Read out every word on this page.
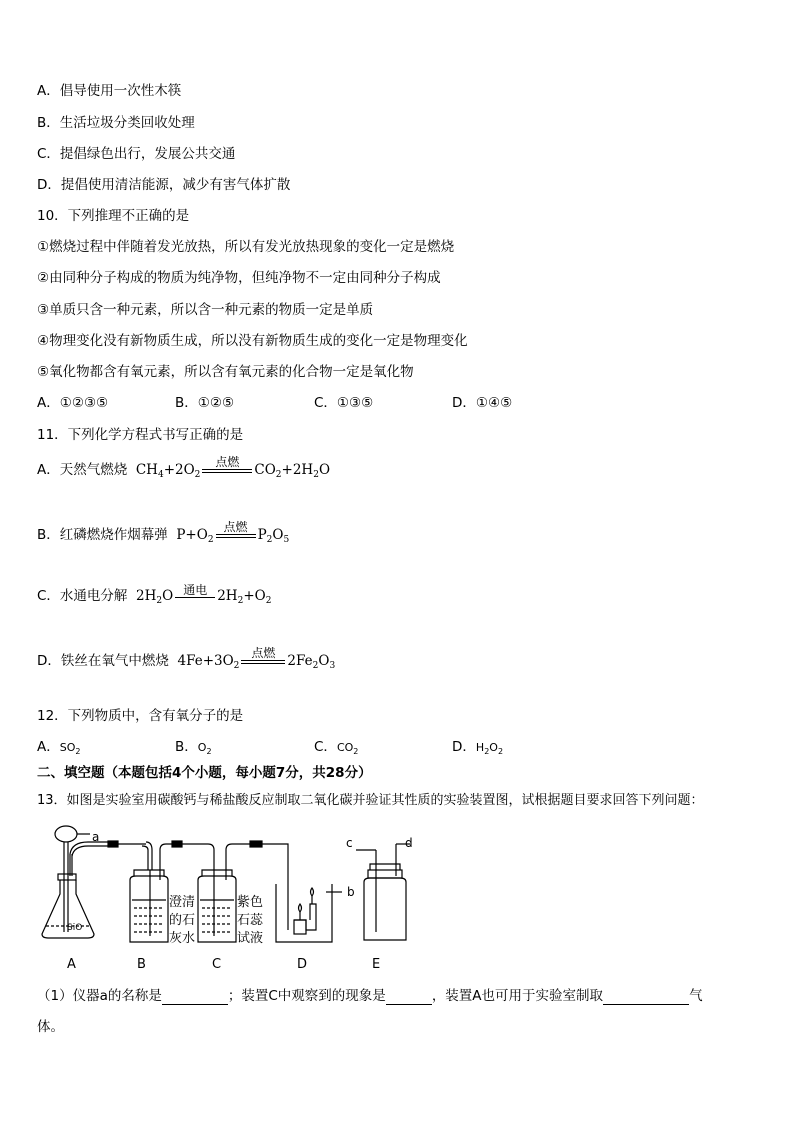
A．倡导使用一次性木筷
B．生活垃圾分类回收处理
C．提倡绿色出行，发展公共交通
D．提倡使用清洁能源，减少有害气体扩散
10．下列推理不正确的是
①燃烧过程中伴随着发光放热，所以有发光放热现象的变化一定是燃烧
②由同种分子构成的物质为纯净物，但纯净物不一定由同种分子构成
③单质只含一种元素，所以含一种元素的物质一定是单质
④物理变化没有新物质生成，所以没有新物质生成的变化一定是物理变化
⑤氧化物都含有氧元素，所以含有氧元素的化合物一定是氧化物
A．①②③⑤	B．①②⑤	C．①③⑤	D．①④⑤
11．下列化学方程式书写正确的是
A．天然气燃烧  $CH_4+2O_2$
点燃	$CO_2+2H_2O$
B．红磷燃烧作烟幕弹  $P+O_2$
点燃 $P_2O_5$
C．水通电分解  $2H_2O$ 通电 $2H_2+O_2$
D．铁丝在氧气中燃烧  $4Fe+3O_2$
点燃 $2Fe_2O_3$
12．下列物质中，含有氧分子的是
A．$SO_2$	B．$O_2$	C．$CO_2$	D．$H_2O_2$
二、填空题（本题包括4个小题，每小题7分，共28分）
13．如图是实验室用碳酸钙与稀盐酸反应制取二氧化碳并验证其性质的实验装置图，试根据题目要求回答下列问题：
a
b
c	d
SiO
澄清
的石
灰水
紫色
石蕊
试液
A	B	C	D	E
（1）仪器a的名称是	；装置C中观察到的现象是	，装置A也可用于实验室制取	气
体。
